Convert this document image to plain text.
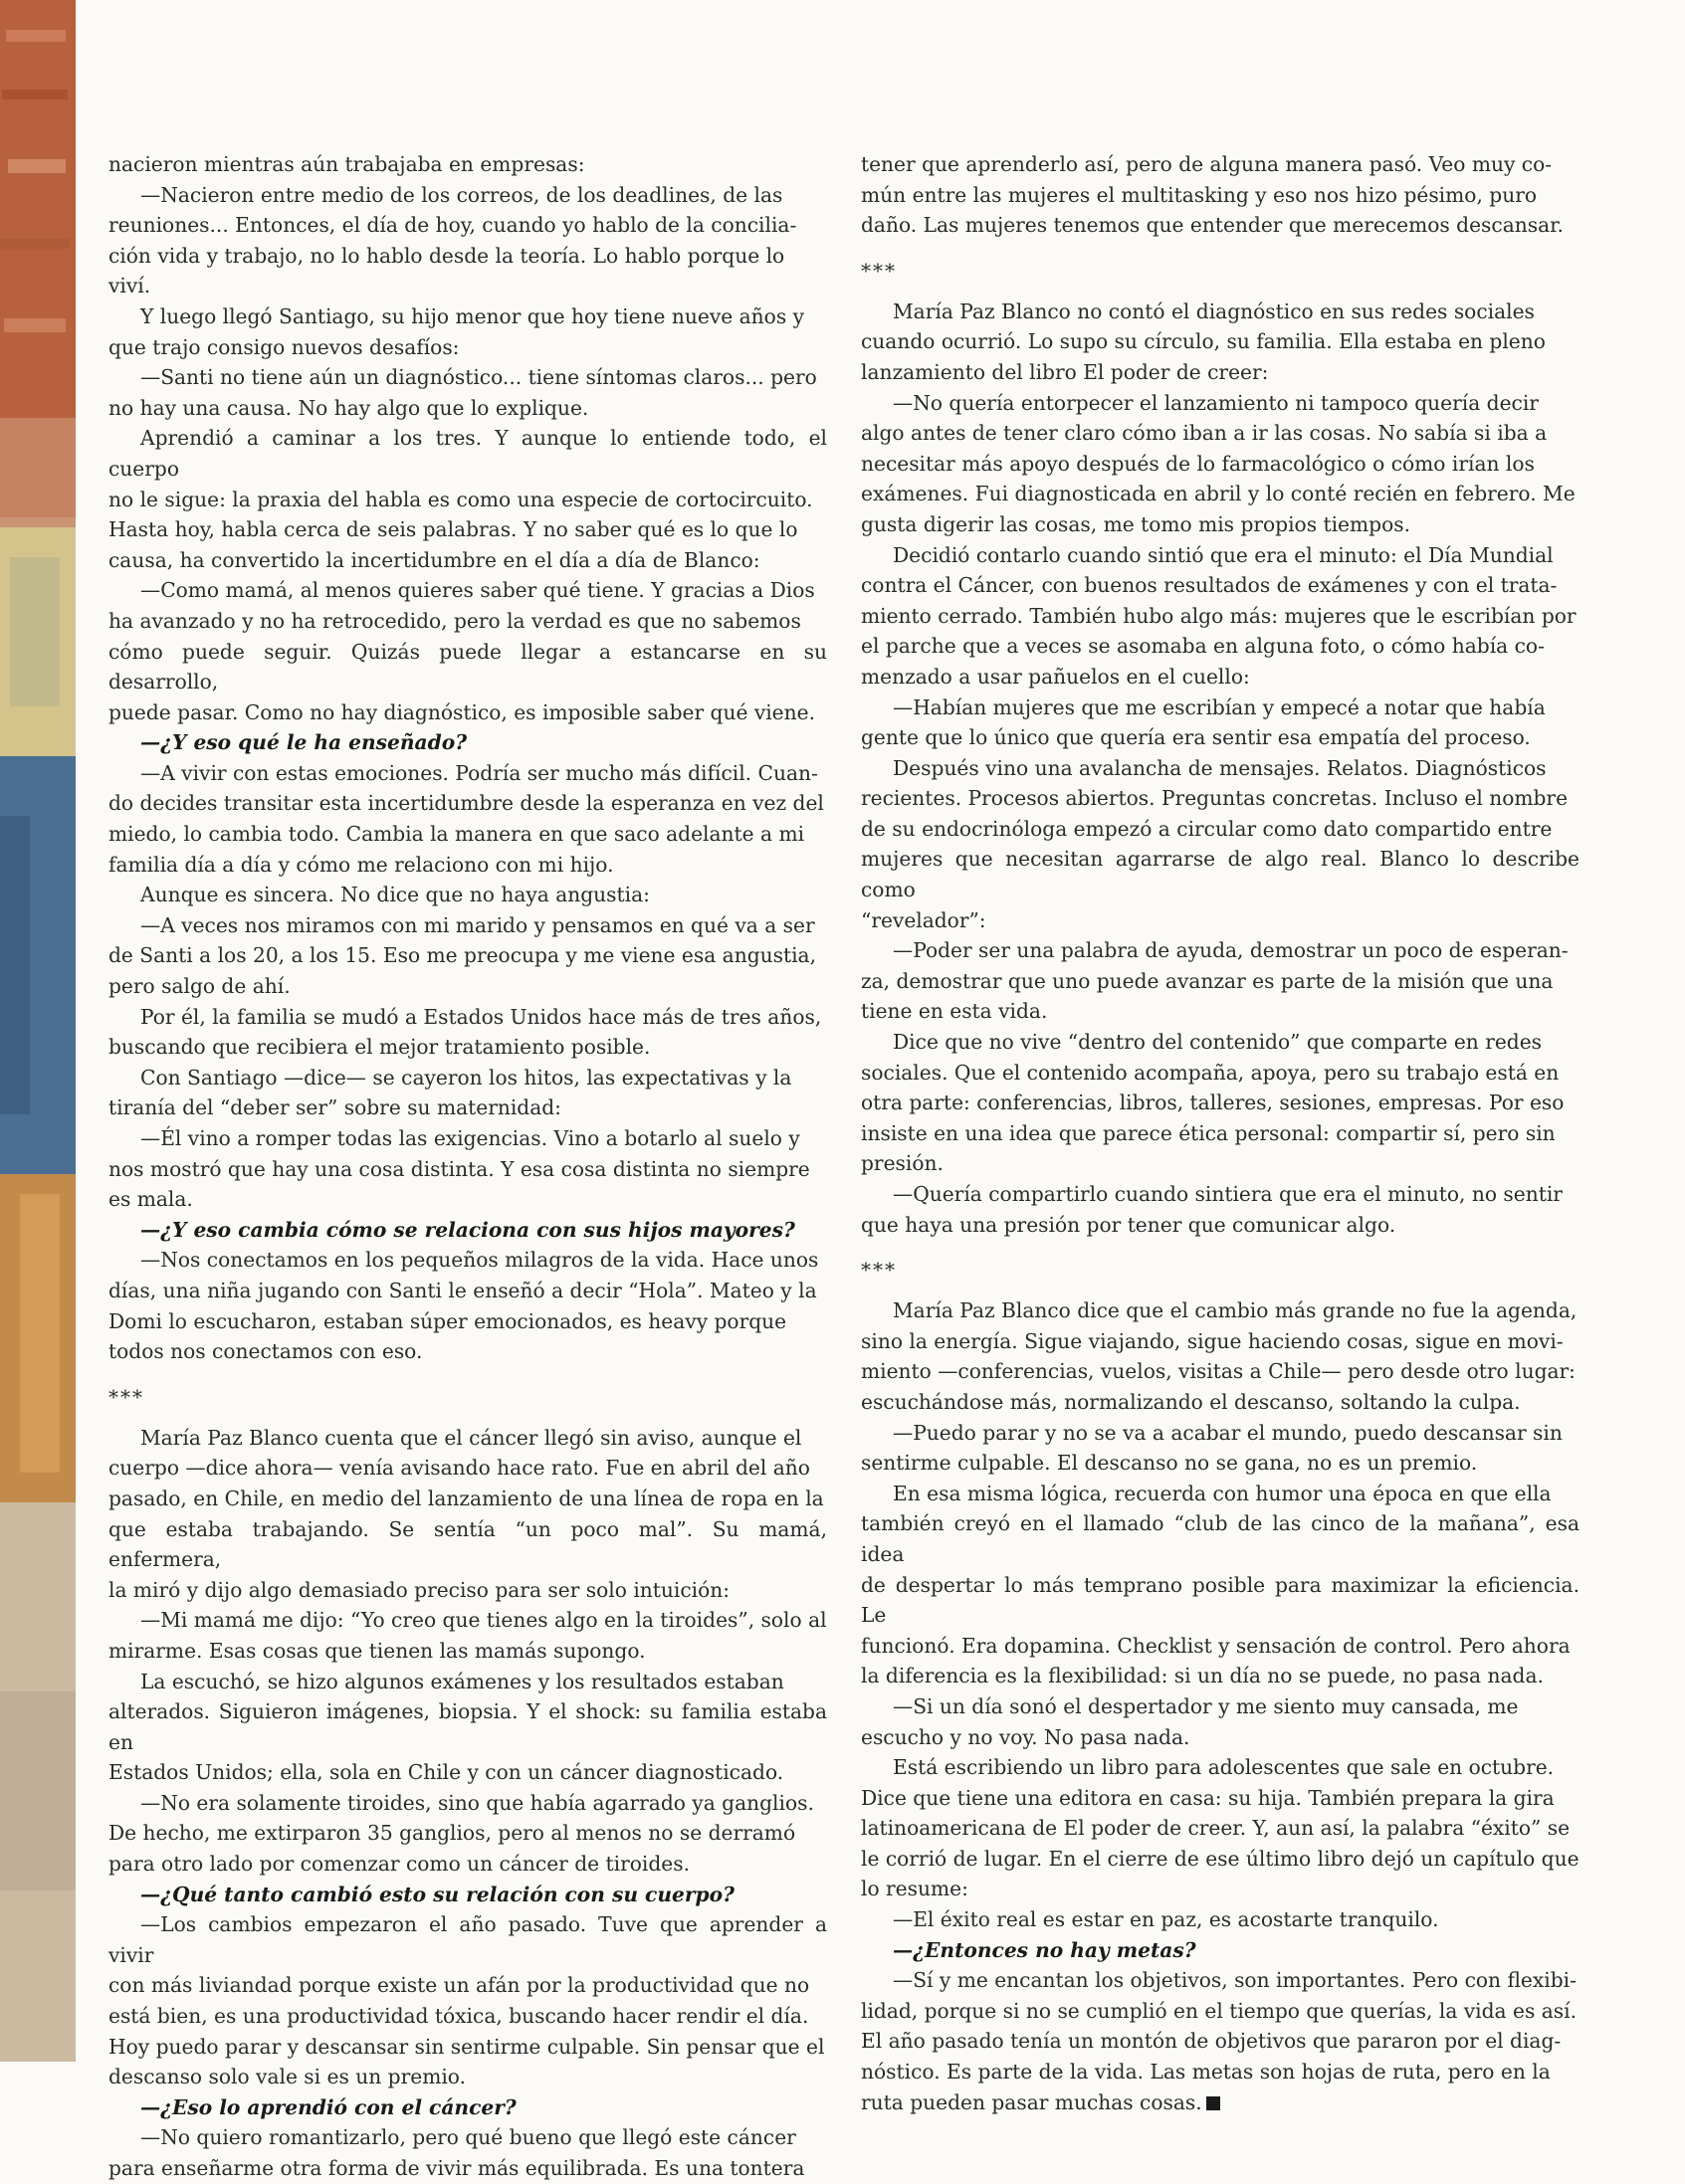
nacieron mientras aún trabajaba en empresas:

—Nacieron entre medio de los correos, de los deadlines, de las
reuniones... Entonces, el día de hoy, cuando yo hablo de la concilia-
ción vida y trabajo, no lo hablo desde la teoría. Lo hablo porque lo
viví.

Y luego llegó Santiago, su hijo menor que hoy tiene nueve años y
que trajo consigo nuevos desafíos:

—Santi no tiene aún un diagnóstico... tiene síntomas claros... pero
no hay una causa. No hay algo que lo explique.

Aprendió a caminar a los tres. Y aunque lo entiende todo, el cuerpo
no le sigue: la praxia del habla es como una especie de cortocircuito.
Hasta hoy, habla cerca de seis palabras. Y no saber qué es lo que lo
causa, ha convertido la incertidumbre en el día a día de Blanco:

—Como mamá, al menos quieres saber qué tiene. Y gracias a Dios
ha avanzado y no ha retrocedido, pero la verdad es que no sabemos
cómo puede seguir. Quizás puede llegar a estancarse en su desarrollo,
puede pasar. Como no hay diagnóstico, es imposible saber qué viene.

—¿Y eso qué le ha enseñado?

—A vivir con estas emociones. Podría ser mucho más difícil. Cuan-
do decides transitar esta incertidumbre desde la esperanza en vez del
miedo, lo cambia todo. Cambia la manera en que saco adelante a mi
familia día a día y cómo me relaciono con mi hijo.

Aunque es sincera. No dice que no haya angustia:

—A veces nos miramos con mi marido y pensamos en qué va a ser
de Santi a los 20, a los 15. Eso me preocupa y me viene esa angustia,
pero salgo de ahí.

Por él, la familia se mudó a Estados Unidos hace más de tres años,
buscando que recibiera el mejor tratamiento posible.

Con Santiago —dice— se cayeron los hitos, las expectativas y la
tiranía del “deber ser” sobre su maternidad:

—Él vino a romper todas las exigencias. Vino a botarlo al suelo y
nos mostró que hay una cosa distinta. Y esa cosa distinta no siempre
es mala.

—¿Y eso cambia cómo se relaciona con sus hijos mayores?

—Nos conectamos en los pequeños milagros de la vida. Hace unos
días, una niña jugando con Santi le enseñó a decir “Hola”. Mateo y la
Domi lo escucharon, estaban súper emocionados, es heavy porque
todos nos conectamos con eso.

***

María Paz Blanco cuenta que el cáncer llegó sin aviso, aunque el
cuerpo —dice ahora— venía avisando hace rato. Fue en abril del año
pasado, en Chile, en medio del lanzamiento de una línea de ropa en la
que estaba trabajando. Se sentía “un poco mal”. Su mamá, enfermera,
la miró y dijo algo demasiado preciso para ser solo intuición:

—Mi mamá me dijo: “Yo creo que tienes algo en la tiroides”, solo al
mirarme. Esas cosas que tienen las mamás supongo.

La escuchó, se hizo algunos exámenes y los resultados estaban
alterados. Siguieron imágenes, biopsia. Y el shock: su familia estaba en
Estados Unidos; ella, sola en Chile y con un cáncer diagnosticado.

—No era solamente tiroides, sino que había agarrado ya ganglios.
De hecho, me extirparon 35 ganglios, pero al menos no se derramó
para otro lado por comenzar como un cáncer de tiroides.

—¿Qué tanto cambió esto su relación con su cuerpo?

—Los cambios empezaron el año pasado. Tuve que aprender a vivir
con más liviandad porque existe un afán por la productividad que no
está bien, es una productividad tóxica, buscando hacer rendir el día.
Hoy puedo parar y descansar sin sentirme culpable. Sin pensar que el
descanso solo vale si es un premio.

—¿Eso lo aprendió con el cáncer?

—No quiero romantizarlo, pero qué bueno que llegó este cáncer
para enseñarme otra forma de vivir más equilibrada. Es una tontera

tener que aprenderlo así, pero de alguna manera pasó. Veo muy co-
mún entre las mujeres el multitasking y eso nos hizo pésimo, puro
daño. Las mujeres tenemos que entender que merecemos descansar.

***

María Paz Blanco no contó el diagnóstico en sus redes sociales
cuando ocurrió. Lo supo su círculo, su familia. Ella estaba en pleno
lanzamiento del libro El poder de creer:

—No quería entorpecer el lanzamiento ni tampoco quería decir
algo antes de tener claro cómo iban a ir las cosas. No sabía si iba a
necesitar más apoyo después de lo farmacológico o cómo irían los
exámenes. Fui diagnosticada en abril y lo conté recién en febrero. Me
gusta digerir las cosas, me tomo mis propios tiempos.

Decidió contarlo cuando sintió que era el minuto: el Día Mundial
contra el Cáncer, con buenos resultados de exámenes y con el trata-
miento cerrado. También hubo algo más: mujeres que le escribían por
el parche que a veces se asomaba en alguna foto, o cómo había co-
menzado a usar pañuelos en el cuello:

—Habían mujeres que me escribían y empecé a notar que había
gente que lo único que quería era sentir esa empatía del proceso.

Después vino una avalancha de mensajes. Relatos. Diagnósticos
recientes. Procesos abiertos. Preguntas concretas. Incluso el nombre
de su endocrinóloga empezó a circular como dato compartido entre
mujeres que necesitan agarrarse de algo real. Blanco lo describe como
“revelador”:

—Poder ser una palabra de ayuda, demostrar un poco de esperan-
za, demostrar que uno puede avanzar es parte de la misión que una
tiene en esta vida.

Dice que no vive “dentro del contenido” que comparte en redes
sociales. Que el contenido acompaña, apoya, pero su trabajo está en
otra parte: conferencias, libros, talleres, sesiones, empresas. Por eso
insiste en una idea que parece ética personal: compartir sí, pero sin
presión.

—Quería compartirlo cuando sintiera que era el minuto, no sentir
que haya una presión por tener que comunicar algo.

***

María Paz Blanco dice que el cambio más grande no fue la agenda,
sino la energía. Sigue viajando, sigue haciendo cosas, sigue en movi-
miento —conferencias, vuelos, visitas a Chile— pero desde otro lugar:
escuchándose más, normalizando el descanso, soltando la culpa.

—Puedo parar y no se va a acabar el mundo, puedo descansar sin
sentirme culpable. El descanso no se gana, no es un premio.

En esa misma lógica, recuerda con humor una época en que ella
también creyó en el llamado “club de las cinco de la mañana”, esa idea
de despertar lo más temprano posible para maximizar la eficiencia. Le
funcionó. Era dopamina. Checklist y sensación de control. Pero ahora
la diferencia es la flexibilidad: si un día no se puede, no pasa nada.

—Si un día sonó el despertador y me siento muy cansada, me
escucho y no voy. No pasa nada.

Está escribiendo un libro para adolescentes que sale en octubre.
Dice que tiene una editora en casa: su hija. También prepara la gira
latinoamericana de El poder de creer. Y, aun así, la palabra “éxito” se
le corrió de lugar. En el cierre de ese último libro dejó un capítulo que
lo resume:

—El éxito real es estar en paz, es acostarte tranquilo.

—¿Entonces no hay metas?

—Sí y me encantan los objetivos, son importantes. Pero con flexibi-
lidad, porque si no se cumplió en el tiempo que querías, la vida es así.
El año pasado tenía un montón de objetivos que pararon por el diag-
nóstico. Es parte de la vida. Las metas son hojas de ruta, pero en la
ruta pueden pasar muchas cosas.
